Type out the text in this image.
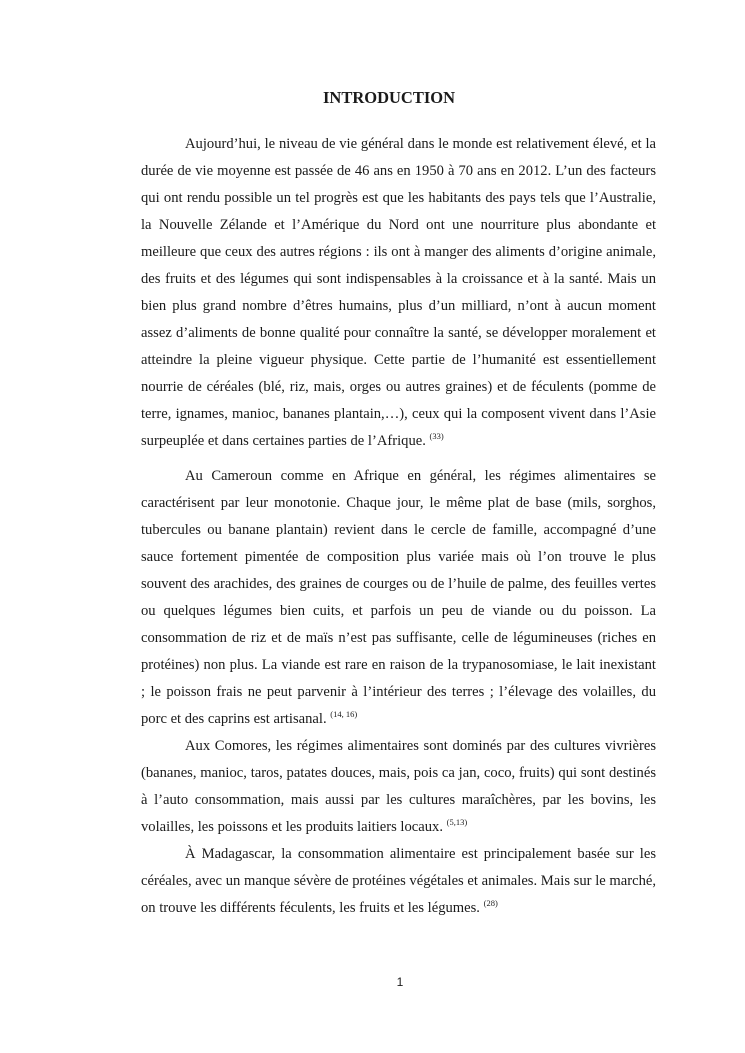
INTRODUCTION

Aujourd’hui, le niveau de vie général dans le monde est relativement élevé, et la durée de vie moyenne est passée de 46 ans en 1950 à 70 ans en 2012. L’un des facteurs qui ont rendu possible un tel progrès est que les habitants des pays tels que l’Australie, la Nouvelle Zélande et l’Amérique du Nord ont une nourriture plus abondante et meilleure que ceux des autres régions : ils ont à manger des aliments d’origine animale, des fruits et des légumes qui sont indispensables à la croissance et à la santé. Mais un bien plus grand nombre d’êtres humains, plus d’un milliard, n’ont à aucun moment assez d’aliments de bonne qualité pour connaître la santé, se développer moralement et atteindre la pleine vigueur physique. Cette partie de l’humanité est essentiellement nourrie de céréales (blé, riz, mais, orges ou autres graines) et de féculents (pomme de terre, ignames, manioc, bananes plantain,…), ceux qui la composent vivent dans l’Asie surpeuplée et dans certaines parties de l’Afrique. $^{(33)}$

Au Cameroun comme en Afrique en général, les régimes alimentaires se caractérisent par leur monotonie. Chaque jour, le même plat de base (mils, sorghos, tubercules ou banane plantain) revient dans le cercle de famille, accompagné d’une sauce fortement pimentée de composition plus variée mais où l’on trouve le plus souvent des arachides, des graines de courges ou de l’huile de palme, des feuilles vertes ou quelques légumes bien cuits, et parfois un peu de viande ou du poisson. La consommation de riz et de maïs n’est pas suffisante, celle de légumineuses (riches en protéines) non plus. La viande est rare en raison de la trypanosomiase, le lait inexistant ; le poisson frais ne peut parvenir à l’intérieur des terres ; l’élevage des volailles, du porc et des caprins est artisanal. $^{(14, 16)}$

Aux Comores, les régimes alimentaires sont dominés par des cultures vivrières (bananes, manioc, taros, patates douces, mais, pois ca jan, coco, fruits) qui sont destinés à l’auto consommation, mais aussi par les cultures maraîchères, par les bovins, les volailles, les poissons et les produits laitiers locaux. $^{(5,13)}$

À Madagascar, la consommation alimentaire est principalement basée sur les céréales, avec un manque sévère de protéines végétales et animales. Mais sur le marché, on trouve les différents féculents, les fruits et les légumes. $^{(28)}$

1
